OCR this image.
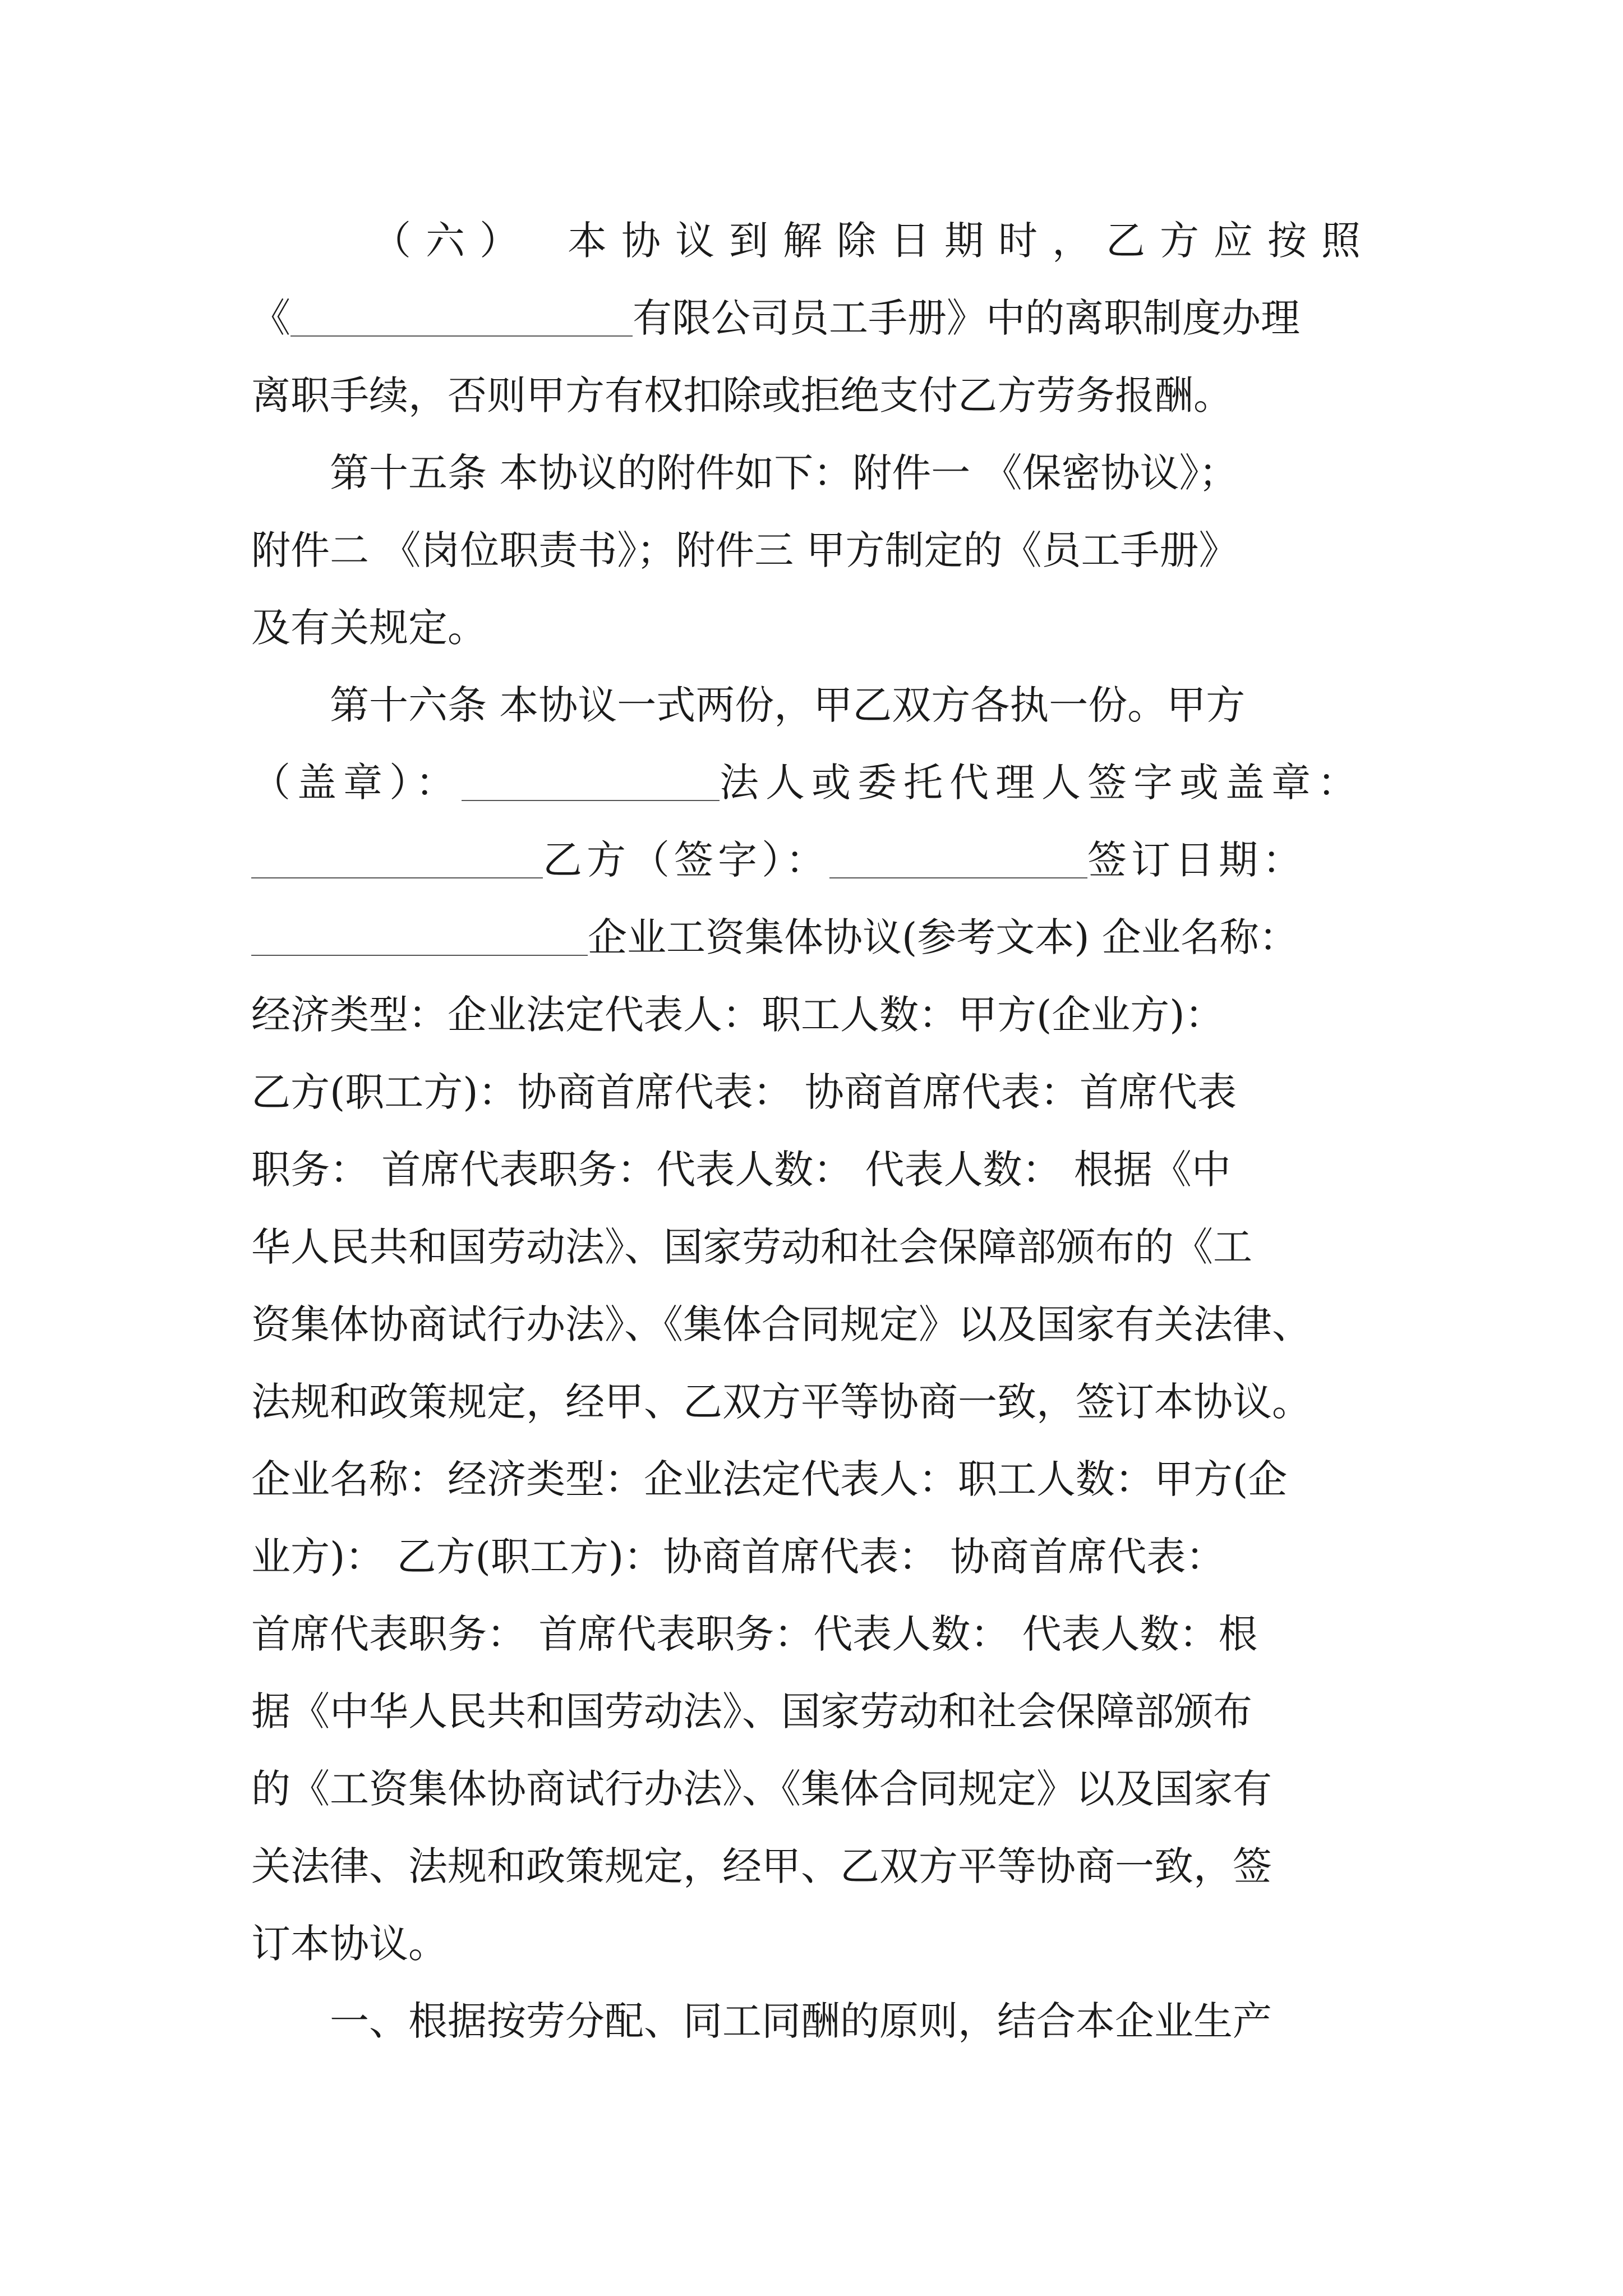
（六）　本协议到解除日期时，乙方应按照
《	有限公司员工手册》中的离职制度办理
离职手续，否则甲方有权扣除或拒绝支付乙方劳务报酬。
第十五条 本协议的附件如下：附件一 《保密协议》；
附件二 《岗位职责书》；附件三 甲方制定的《员工手册》
及有关规定。
第十六条 本协议一式两份，甲乙双方各执一份。甲方
（盖章）：	法人或委托代理人签字或盖章：
乙方（签字）：	签订日期：
企业工资集体协议(参考文本) 企业名称：
经济类型：企业法定代表人：职工人数：甲方(企业方)：
乙方(职工方)：协商首席代表： 协商首席代表：首席代表
职务： 首席代表职务：代表人数： 代表人数： 根据《中
华人民共和国劳动法》、国家劳动和社会保障部颁布的《工
资集体协商试行办法》、《集体合同规定》以及国家有关法律、
法规和政策规定，经甲、乙双方平等协商一致，签订本协议。
企业名称：经济类型：企业法定代表人：职工人数：甲方(企
业方)： 乙方(职工方)：协商首席代表： 协商首席代表：
首席代表职务： 首席代表职务：代表人数： 代表人数：根
据《中华人民共和国劳动法》、国家劳动和社会保障部颁布
的《工资集体协商试行办法》、《集体合同规定》以及国家有
关法律、法规和政策规定，经甲、乙双方平等协商一致，签
订本协议。
一、根据按劳分配、同工同酬的原则，结合本企业生产
